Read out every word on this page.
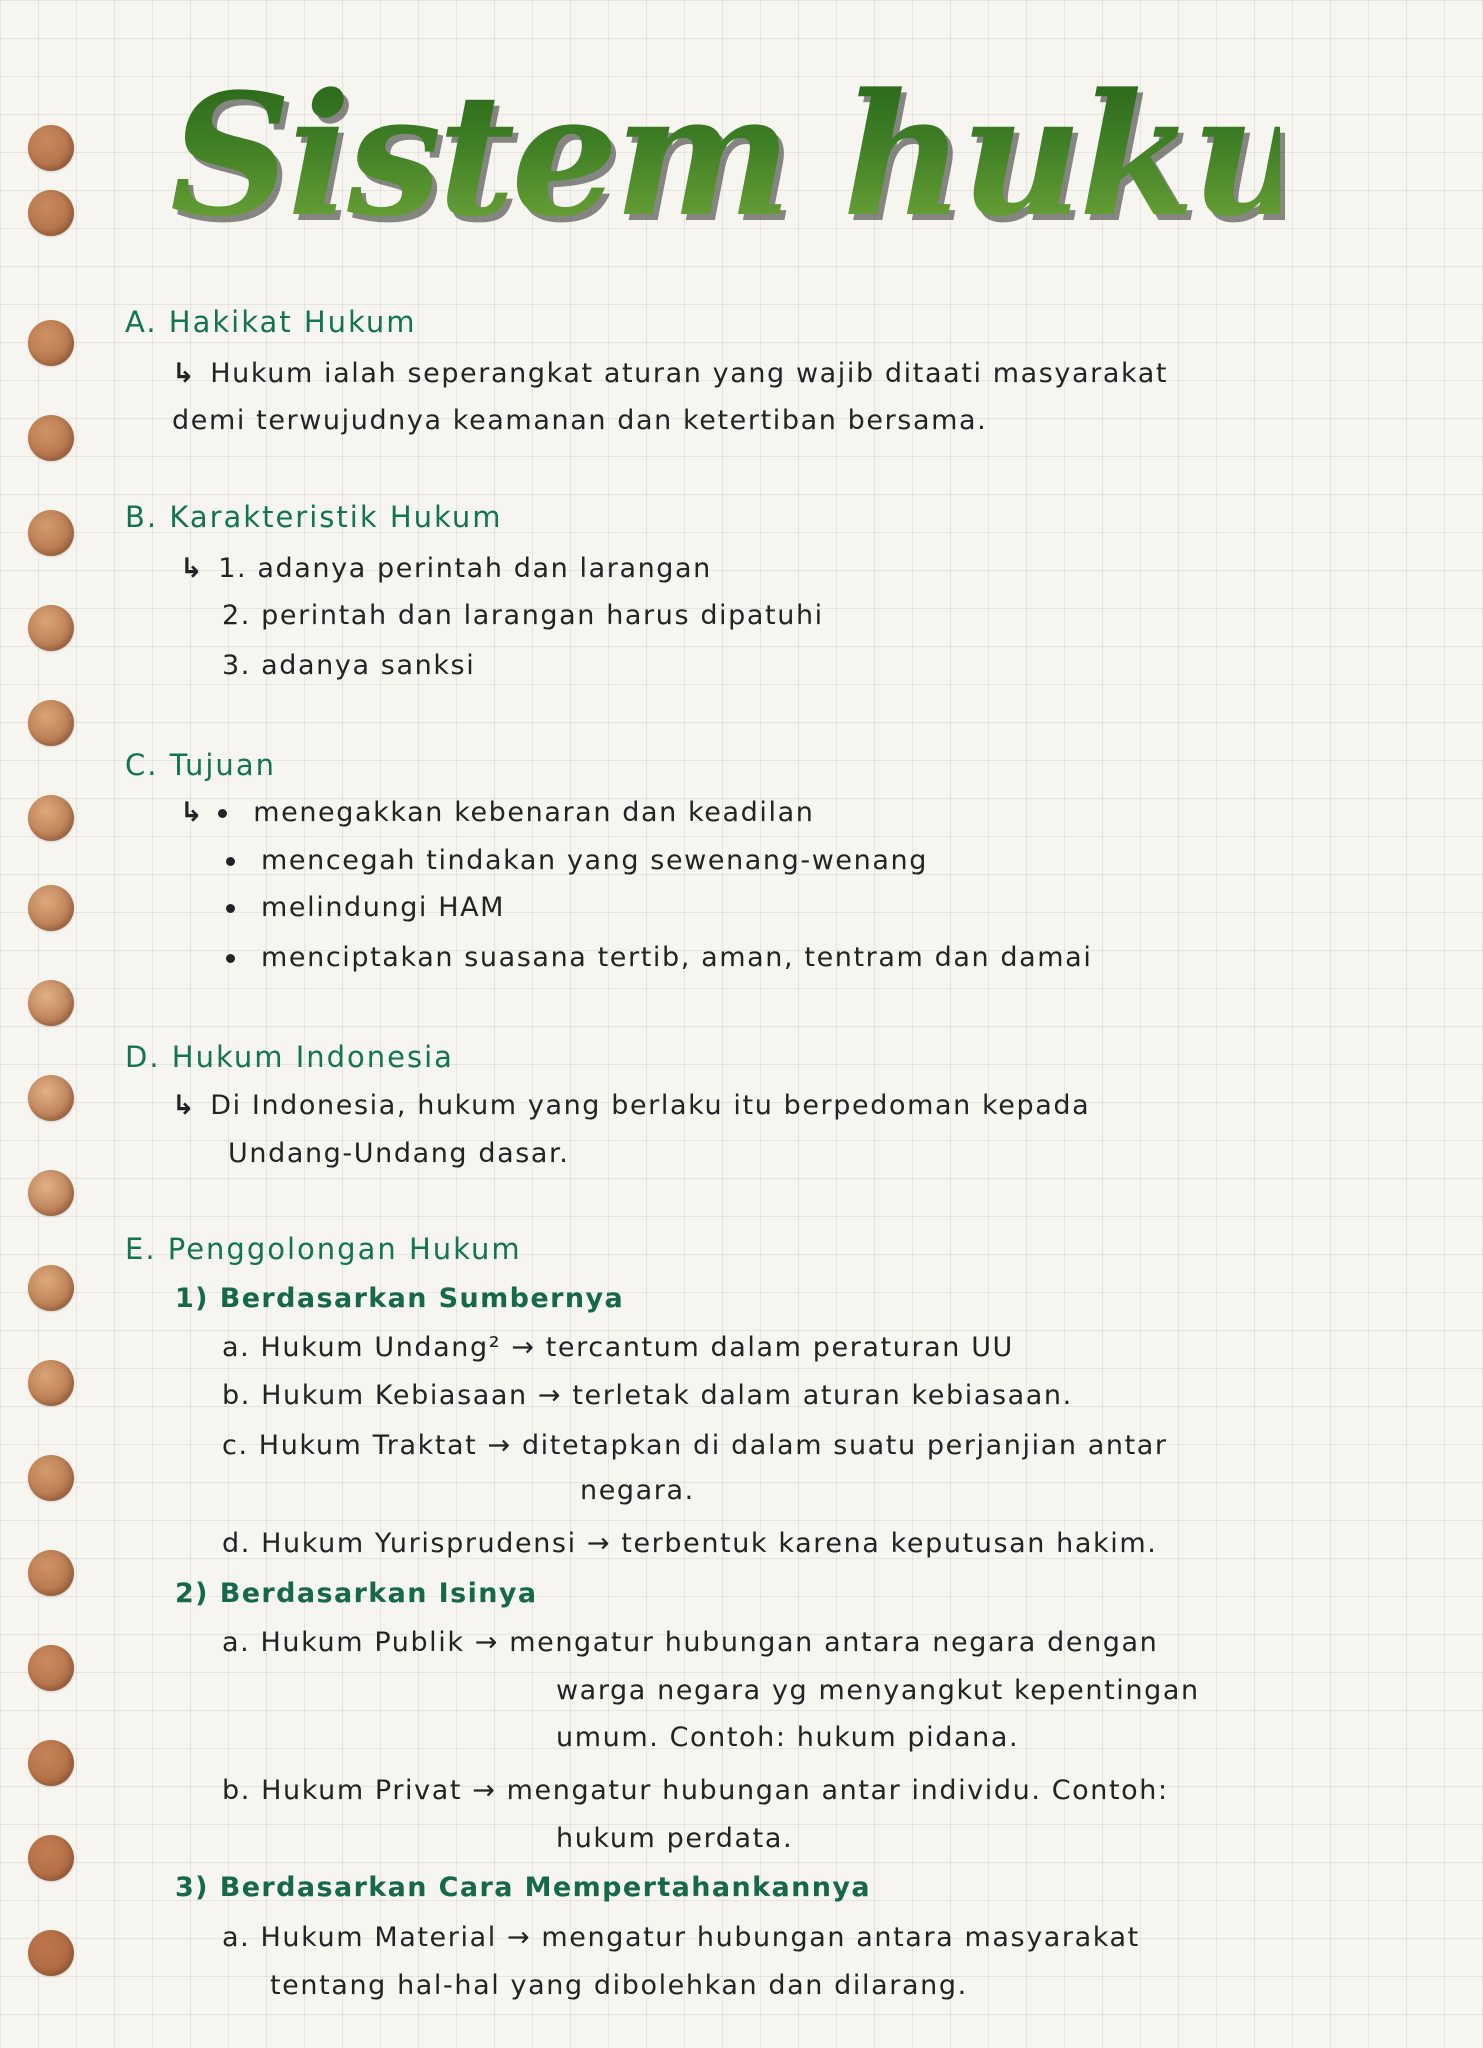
Sistem hukum
A. Hakikat Hukum
↳ Hukum ialah seperangkat aturan yang wajib ditaati masyarakat
demi terwujudnya keamanan dan ketertiban bersama.
B. Karakteristik Hukum
↳ 1. adanya perintah dan larangan
2. perintah dan larangan harus dipatuhi
3. adanya sanksi
C. Tujuan
↳ menegakkan kebenaran dan keadilan
mencegah tindakan yang sewenang-wenang
melindungi HAM
menciptakan suasana tertib, aman, tentram dan damai
D. Hukum Indonesia
↳ Di Indonesia, hukum yang berlaku itu berpedoman kepada
Undang-Undang dasar.
E. Penggolongan Hukum
1) Berdasarkan Sumbernya
a. Hukum Undang² → tercantum dalam peraturan UU
b. Hukum Kebiasaan → terletak dalam aturan kebiasaan.
c. Hukum Traktat → ditetapkan di dalam suatu perjanjian antar
negara.
d. Hukum Yurisprudensi → terbentuk karena keputusan hakim.
2) Berdasarkan Isinya
a. Hukum Publik → mengatur hubungan antara negara dengan
warga negara yg menyangkut kepentingan
umum. Contoh: hukum pidana.
b. Hukum Privat → mengatur hubungan antar individu. Contoh:
hukum perdata.
3) Berdasarkan Cara Mempertahankannya
a. Hukum Material → mengatur hubungan antara masyarakat
tentang hal-hal yang dibolehkan dan dilarang.
